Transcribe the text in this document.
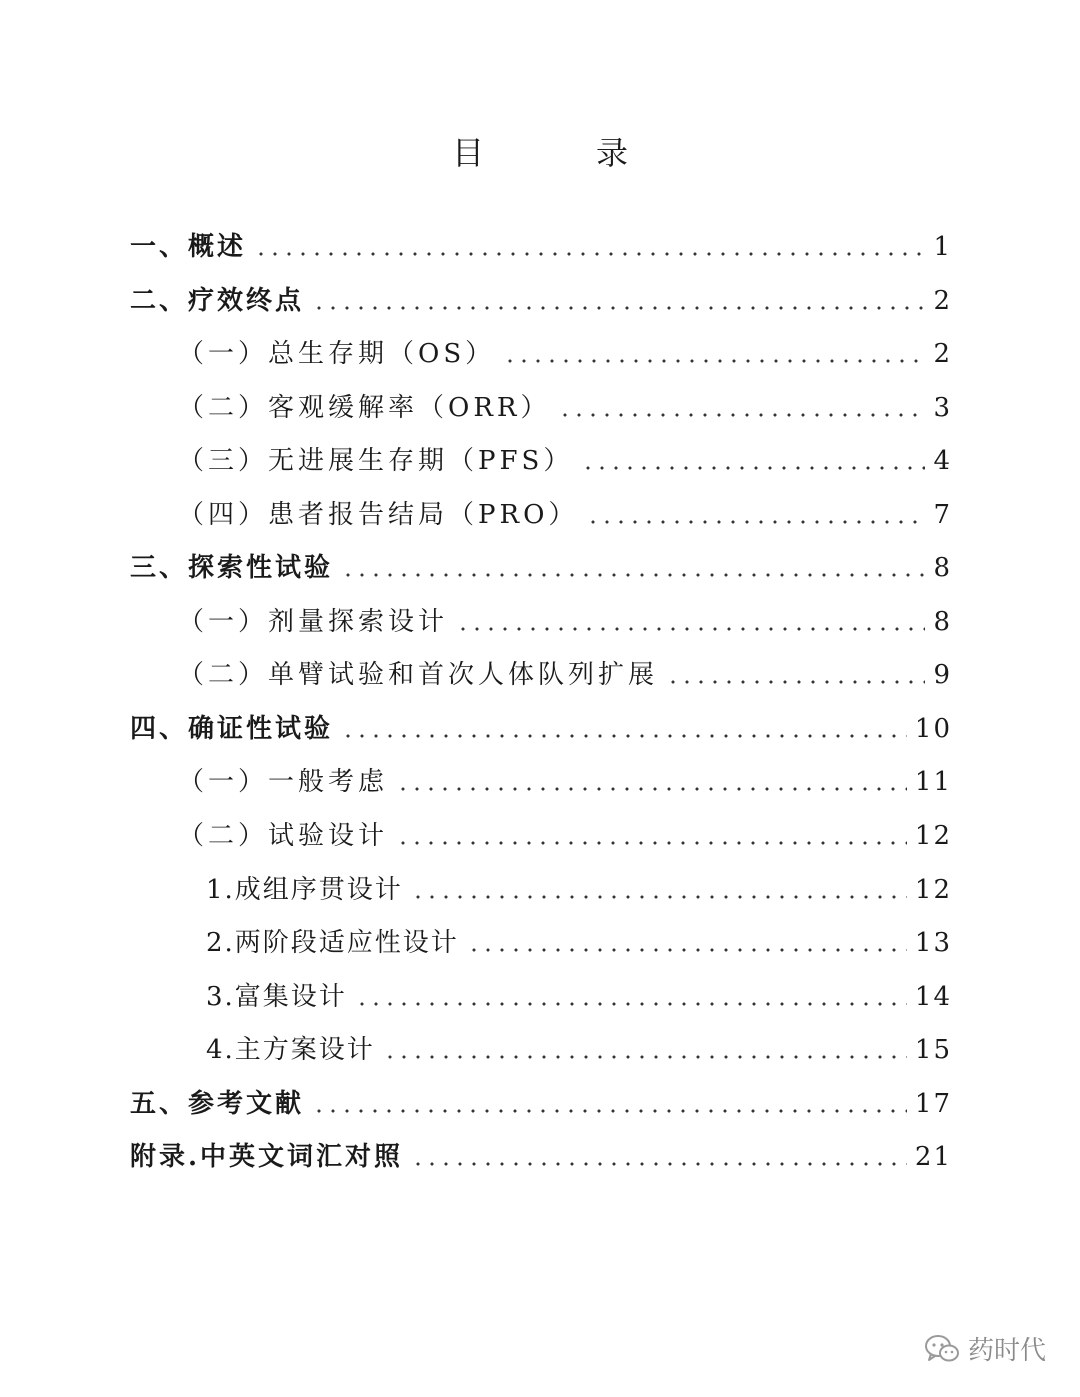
目　录
一、概述	1
二、疗效终点	2
（一）总生存期（OS）	2
（二）客观缓解率（ORR）	3
（三）无进展生存期（PFS）	4
（四）患者报告结局（PRO）	7
三、探索性试验	8
（一）剂量探索设计	8
（二）单臂试验和首次人体队列扩展	9
四、确证性试验	10
（一）一般考虑	11
（二）试验设计	12
1.成组序贯设计	12
2.两阶段适应性设计	13
3.富集设计	14
4.主方案设计	15
五、参考文献	17
附录.中英文词汇对照	21
药时代
